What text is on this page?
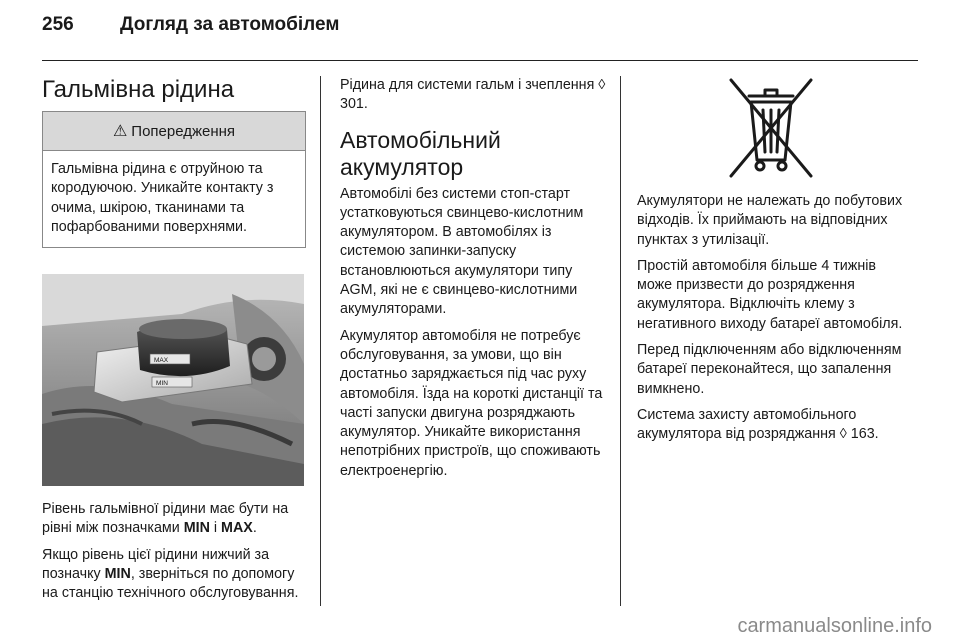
256	Догляд за автомобілем
Гальмівна рідина
⚠ Попередження
Гальмівна рідина є отруйною та кородуючою. Уникайте контакту з очима, шкірою, тканинами та пофарбованими поверхнями.
MAX
MIN

Рівень гальмівної рідини має бути на рівні між позначками MIN і MAX.

Якщо рівень цієї рідини нижчий за позначку MIN, зверніться по допомогу на станцію технічного обслуговування.

Рідина для системи гальм і зчеплення ◊ 301.

Автомобільний акумулятор

Автомобілі без системи стоп-старт устатковуються свинцево-кислотним акумулятором. В автомобілях із системою запинки-запуску встановлюються акумулятори типу AGM, які не є свинцево-кислотними акумуляторами.

Акумулятор автомобіля не потребує обслуговування, за умови, що він достатньо заряджається під час руху автомобіля. Їзда на короткі дистанції та часті запуски двигуна розряджають акумулятор. Уникайте використання непотрібних пристроїв, що споживають електроенергію.

Акумулятори не належать до побутових відходів. Їх приймають на відповідних пунктах з утилізації.

Простій автомобіля більше 4 тижнів може призвести до розрядження акумулятора. Відключіть клему з негативного виходу батареї автомобіля.

Перед підключенням або відключенням батареї переконайтеся, що запалення вимкнено.

Система захисту автомобільного акумулятора від розряджання ◊ 163.

carmanualsonline.info
